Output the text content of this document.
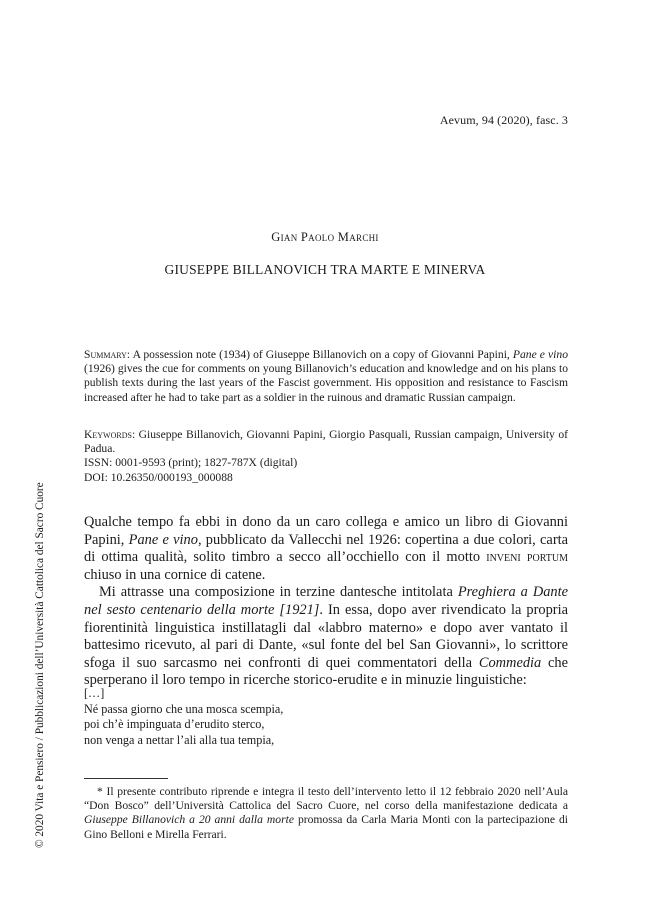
Aevum, 94 (2020), fasc. 3
© 2020 Vita e Pensiero / Pubblicazioni dell’Università Cattolica del Sacro Cuore
Gian Paolo Marchi
GIUSEPPE BILLANOVICH TRA MARTE E MINERVA
Summary: A possession note (1934) of Giuseppe Billanovich on a copy of Giovanni Papini, Pane e vino (1926) gives the cue for comments on young Billanovich’s education and knowledge and on his plans to publish texts during the last years of the Fascist government. His opposition and resistance to Fascism increased after he had to take part as a soldier in the ruinous and dramatic Russian campaign.

Keywords: Giuseppe Billanovich, Giovanni Papini, Giorgio Pasquali, Russian campaign, University of Padua.

ISSN: 0001-9593 (print); 1827-787X (digital)

DOI: 10.26350/000193_000088

Qualche tempo fa ebbi in dono da un caro collega e amico un libro di Giovanni Papini, Pane e vino, pubblicato da Vallecchi nel 1926: copertina a due colori, carta di ottima qualità, solito timbro a secco all’occhiello con il motto inveni portum chiuso in una cornice di catene.

Mi attrasse una composizione in terzine dantesche intitolata Preghiera a Dante nel sesto centenario della morte [1921]. In essa, dopo aver rivendicato la propria fiorentinità linguistica instillatagli dal «labbro materno» e dopo aver vantato il battesimo ricevuto, al pari di Dante, «sul fonte del bel San Giovanni», lo scrittore sfoga il suo sarcasmo nei confronti di quei commentatori della Commedia che sperperano il loro tempo in ricerche storico-erudite e in minuzie linguistiche:

[…]
Né passa giorno che una mosca scempia,
poi ch’è impinguata d’erudito sterco,
non venga a nettar l’ali alla tua tempia,
* Il presente contributo riprende e integra il testo dell’intervento letto il 12 febbraio 2020 nell’Aula “Don Bosco” dell’Università Cattolica del Sacro Cuore, nel corso della manifestazione dedicata a Giuseppe Billanovich a 20 anni dalla morte promossa da Carla Maria Monti con la partecipazione di Gino Belloni e Mirella Ferrari.
